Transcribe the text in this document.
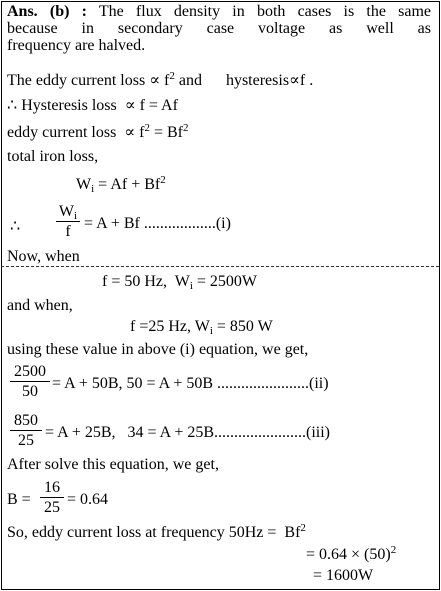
Ans. (b) : The flux density in both cases is the same
because in secondary case voltage as well as
frequency are halved.
The eddy current loss ∝ $f^2$ and      hysteresis∝f .
∴ Hysteresis loss  ∝ f = Af
eddy current loss  ∝ $f^2 = Bf^2$
total iron loss,
$W_i = Af + Bf^2$
∴ $\frac{W_i}{f} = A + Bf$ ..................(i)
Now, when
f = 50 Hz,  $W_i = 2500W$
and when,
f =25 Hz, $W_i = 850$ W
using these value in above (i) equation, we get,
$\frac{2500}{50} = A + 50B$, 50 = A + 50B .......................(ii)
$\frac{850}{25} = A + 25B$,   34 = A + 25B.......................(iii)
After solve this equation, we get,
$B = \frac{16}{25} = 0.64$
So, eddy current loss at frequency $50Hz = Bf^2$
= $0.64 \times (50)^2$
= 1600W
